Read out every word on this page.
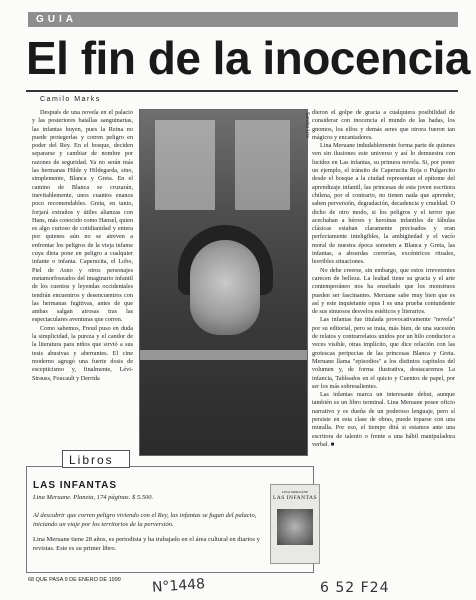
GUIA
El fin de la inocencia
Camilo Marks

Después de una novela en el palacio y las posteriores batallas sanguinarias, las infantas huyen, pues la Reina no puede protegerlas y corren peligro en poder del Rey. En el bosque, deciden separarse y cambiar de nombre por razones de seguridad. Ya no serán más las hermanas Hilde y Hildegarda, sino, simplemente, Blanca y Greta. En el camino de Blanca se cruzarán, inevitablemente, unos cuantos enanos poco recomendables. Greta, en tanto, forjará extraños y útiles alianzas con Hans, más conocido como Hansel, quien es algo curioso de cotidianidad y entera por quienes aún no se atreven a enfrentar los peligros de la vieja infame cuya dieta pone en peligro a cualquier infante o infanta. Caperucita, el Lobo, Piel de Asno y otros personajes metamorfoseados del imaginario infantil de los cuentos y leyendas occidentales tendrán encuentros y desencuentros con las hermanas fugitivas, antes de que ambas salgan airosas tras las espectaculares aventuras que corren.

Como sabemos, Freud puso en duda la simplicidad, la pureza y el candor de la literatura para niños que sirvió a sus tesis abusivas y aberrantes. El cine moderno agregó una fuerte dosis de escepticismo y, finalmente, Lévi-Strauss, Foucault y Derrida

Sandra Lira dieron el golpe de gracia a cualquiera posibilidad de considerar con inocencia el mundo de las hadas, los gnomos, los elfos y demás seres que otrora fueron tan mágicos y encantadores.

Lina Meruane indudablemente forma parte de quienes ven sin ilusiones este universo y así lo demuestra con lucidez en Las infantas, su primera novela. Si, por poner un ejemplo, el tránsito de Caperucita Roja o Pulgarcito desde el bosque a la ciudad representan el epítome del aprendizaje infantil, las princesas de esta joven escritora chilena, por el contrario, no tienen nada que aprender, saben perversión, degradación, decadencia y crueldad. O dicho de otro modo, si los peligros y el terror que acechaban a héroes y heroínas infantiles de fábulas clásicas estaban claramente precisados y eran perfectamente inteligibles, la ambigüedad y el vacío moral de nuestra época someten a Blanca y Greta, las infantas, a absurdas correrías, excéntricos rituales, horribles situaciones.

No debe creerse, sin embargo, que estos irreverentes carecen de belleza. La lealtad tiene su gracia y el arte contemporáneo nos ha enseñado que los monstruos pueden ser fascinantes. Meruane sabe muy bien que es así y este inquietante opus I es una prueba contundente de sus sinuosos desvelos estéticos y literarios.

Las infantas fue titulada provocativamente "novela" por su editorial, pero se trata, más bien, de una sucesión de relatos y contrarrelatos unidos por un hilo conductor a veces visible, otras implícito, que dice relación con las grotescas peripecias de las princesas Blanca y Greta. Meruane llama "episodios" a los distintos capítulos del volumen y, de forma ilustrativa, destacaremos La infancia, Tableados en el quicio y Cuentos de papel, por ser los más sobresalientes.

Las infantas marca un interesante debut, aunque también es un libro terminal. Lina Meruane posee oficio narrativo y es dueña de un poderoso lenguaje, pero sí persiste en esta clase de obras, puede toparse con una muralla. Por eso, el tiempo dirá si estamos ante una escritora de talento o frente a una hábil manipuladora verbal. ■

Libros
LAS INFANTAS
Lina Meruane. Planeta, 174 páginas. $ 5.500.
Al descubrir que corren peligro viviendo con el Rey, las infantas se fugan del palacio, iniciando un viaje por los territorios de la perversión.
Lina Meruane tiene 28 años, es periodista y ha trabajado en el área cultural en diarios y revistas. Este es su primer libro.
LINA MERUANE
LAS INFANTAS
68 QUE PASA 9 DE ENERO DE 1999 N°1448	6 52 F24
